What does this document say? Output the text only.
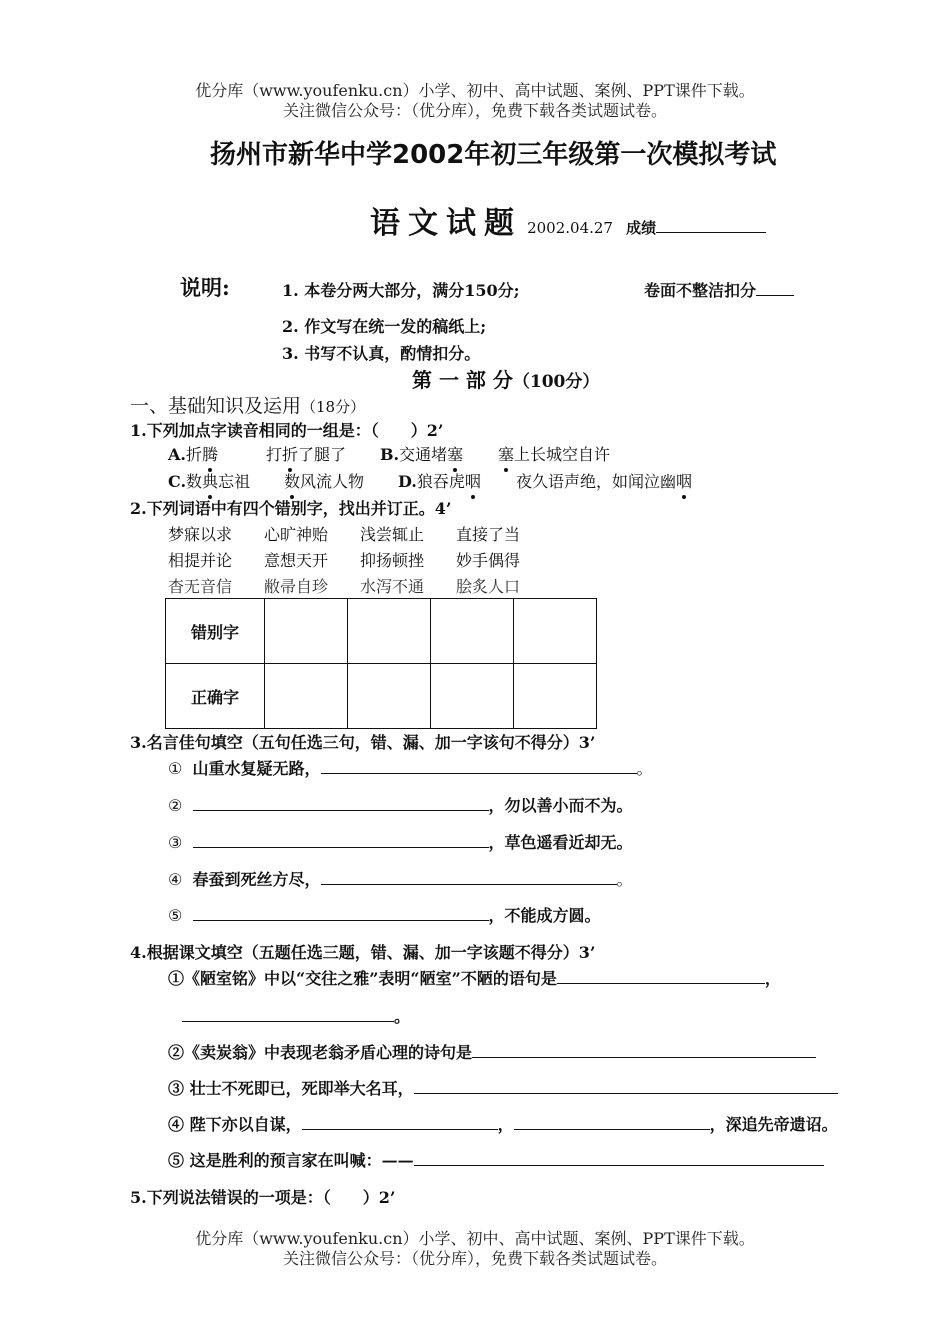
优分库（www.youfenku.cn）小学、初中、高中试题、案例、PPT课件下载。
关注微信公众号：（优分库），免费下载各类试题试卷。
扬州市新华中学2002年初三年级第一次模拟考试
语文试题 2002.04.27 成绩
说明:	1. 本卷分两大部分，满分150分;	卷面不整洁扣分
2. 作文写在统一发的稿纸上;
3. 书写不认真，酌情扣分。
第 一 部 分（100分）
一、基础知识及运用（18分）
1.下列加点字读音相同的一组是：（　　）2’
A.折腾	打折了腿了 B.交通堵塞 塞上长城空自许
C.数典忘祖 数风流人物 D.狼吞虎咽 夜久语声绝，如闻泣幽咽
2.下列词语中有四个错别字，找出并订正。4’
梦寐以求 心旷神贻 浅尝辄止 直接了当
相提并论 意想天开 抑扬顿挫 妙手偶得
杳无音信 敝帚自珍 水泻不通 脍炙人口
错别字				
正确字				
3.名言佳句填空（五句任选三句，错、漏、加一字该句不得分）3’
① 山重水复疑无路，	。
②	，勿以善小而不为。
③	，草色遥看近却无。
④ 春蚕到死丝方尽，	。
⑤	，不能成方圆。
4.根据课文填空（五题任选三题，错、漏、加一字该题不得分）3’
①《陋室铭》中以“交往之雅”表明“陋室”不陋的语句是	，
。
②《卖炭翁》中表现老翁矛盾心理的诗句是
③ 壮士不死即已，死即举大名耳，
④ 陛下亦以自谋，	，	，深追先帝遗诏。
⑤ 这是胜利的预言家在叫喊：——
5.下列说法错误的一项是：（　　）2’
优分库（www.youfenku.cn）小学、初中、高中试题、案例、PPT课件下载。
关注微信公众号：（优分库），免费下载各类试题试卷。
